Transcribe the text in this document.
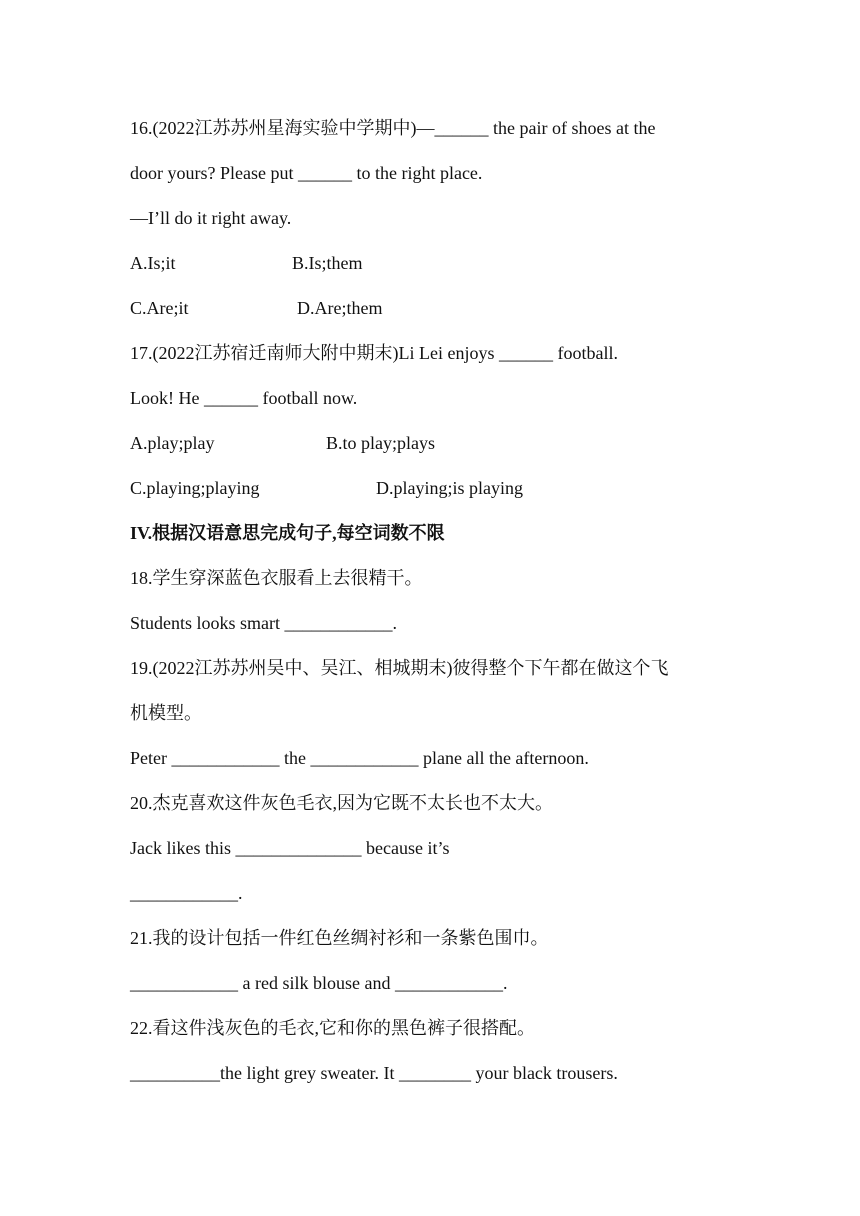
16.(2022江苏苏州星海实验中学期中)—______ the pair of shoes at the
door yours? Please put ______ to the right place.
—I’ll do it right away.
A.Is;it	B.Is;them
C.Are;it	D.Are;them
17.(2022江苏宿迁南师大附中期末)Li Lei enjoys ______ football.
Look! He ______ football now.
A.play;play	B.to play;plays
C.playing;playing	D.playing;is playing
IV.根据汉语意思完成句子,每空词数不限
18.学生穿深蓝色衣服看上去很精干。
Students looks smart ____________.
19.(2022江苏苏州吴中、吴江、相城期末)彼得整个下午都在做这个飞
机模型。
Peter ____________ the ____________ plane all the afternoon.
20.杰克喜欢这件灰色毛衣,因为它既不太长也不太大。
Jack likes this ______________ because it’s
____________.
21.我的设计包括一件红色丝绸衬衫和一条紫色围巾。
____________ a red silk blouse and ____________.
22.看这件浅灰色的毛衣,它和你的黑色裤子很搭配。
__________the light grey sweater. It ________ your black trousers.
